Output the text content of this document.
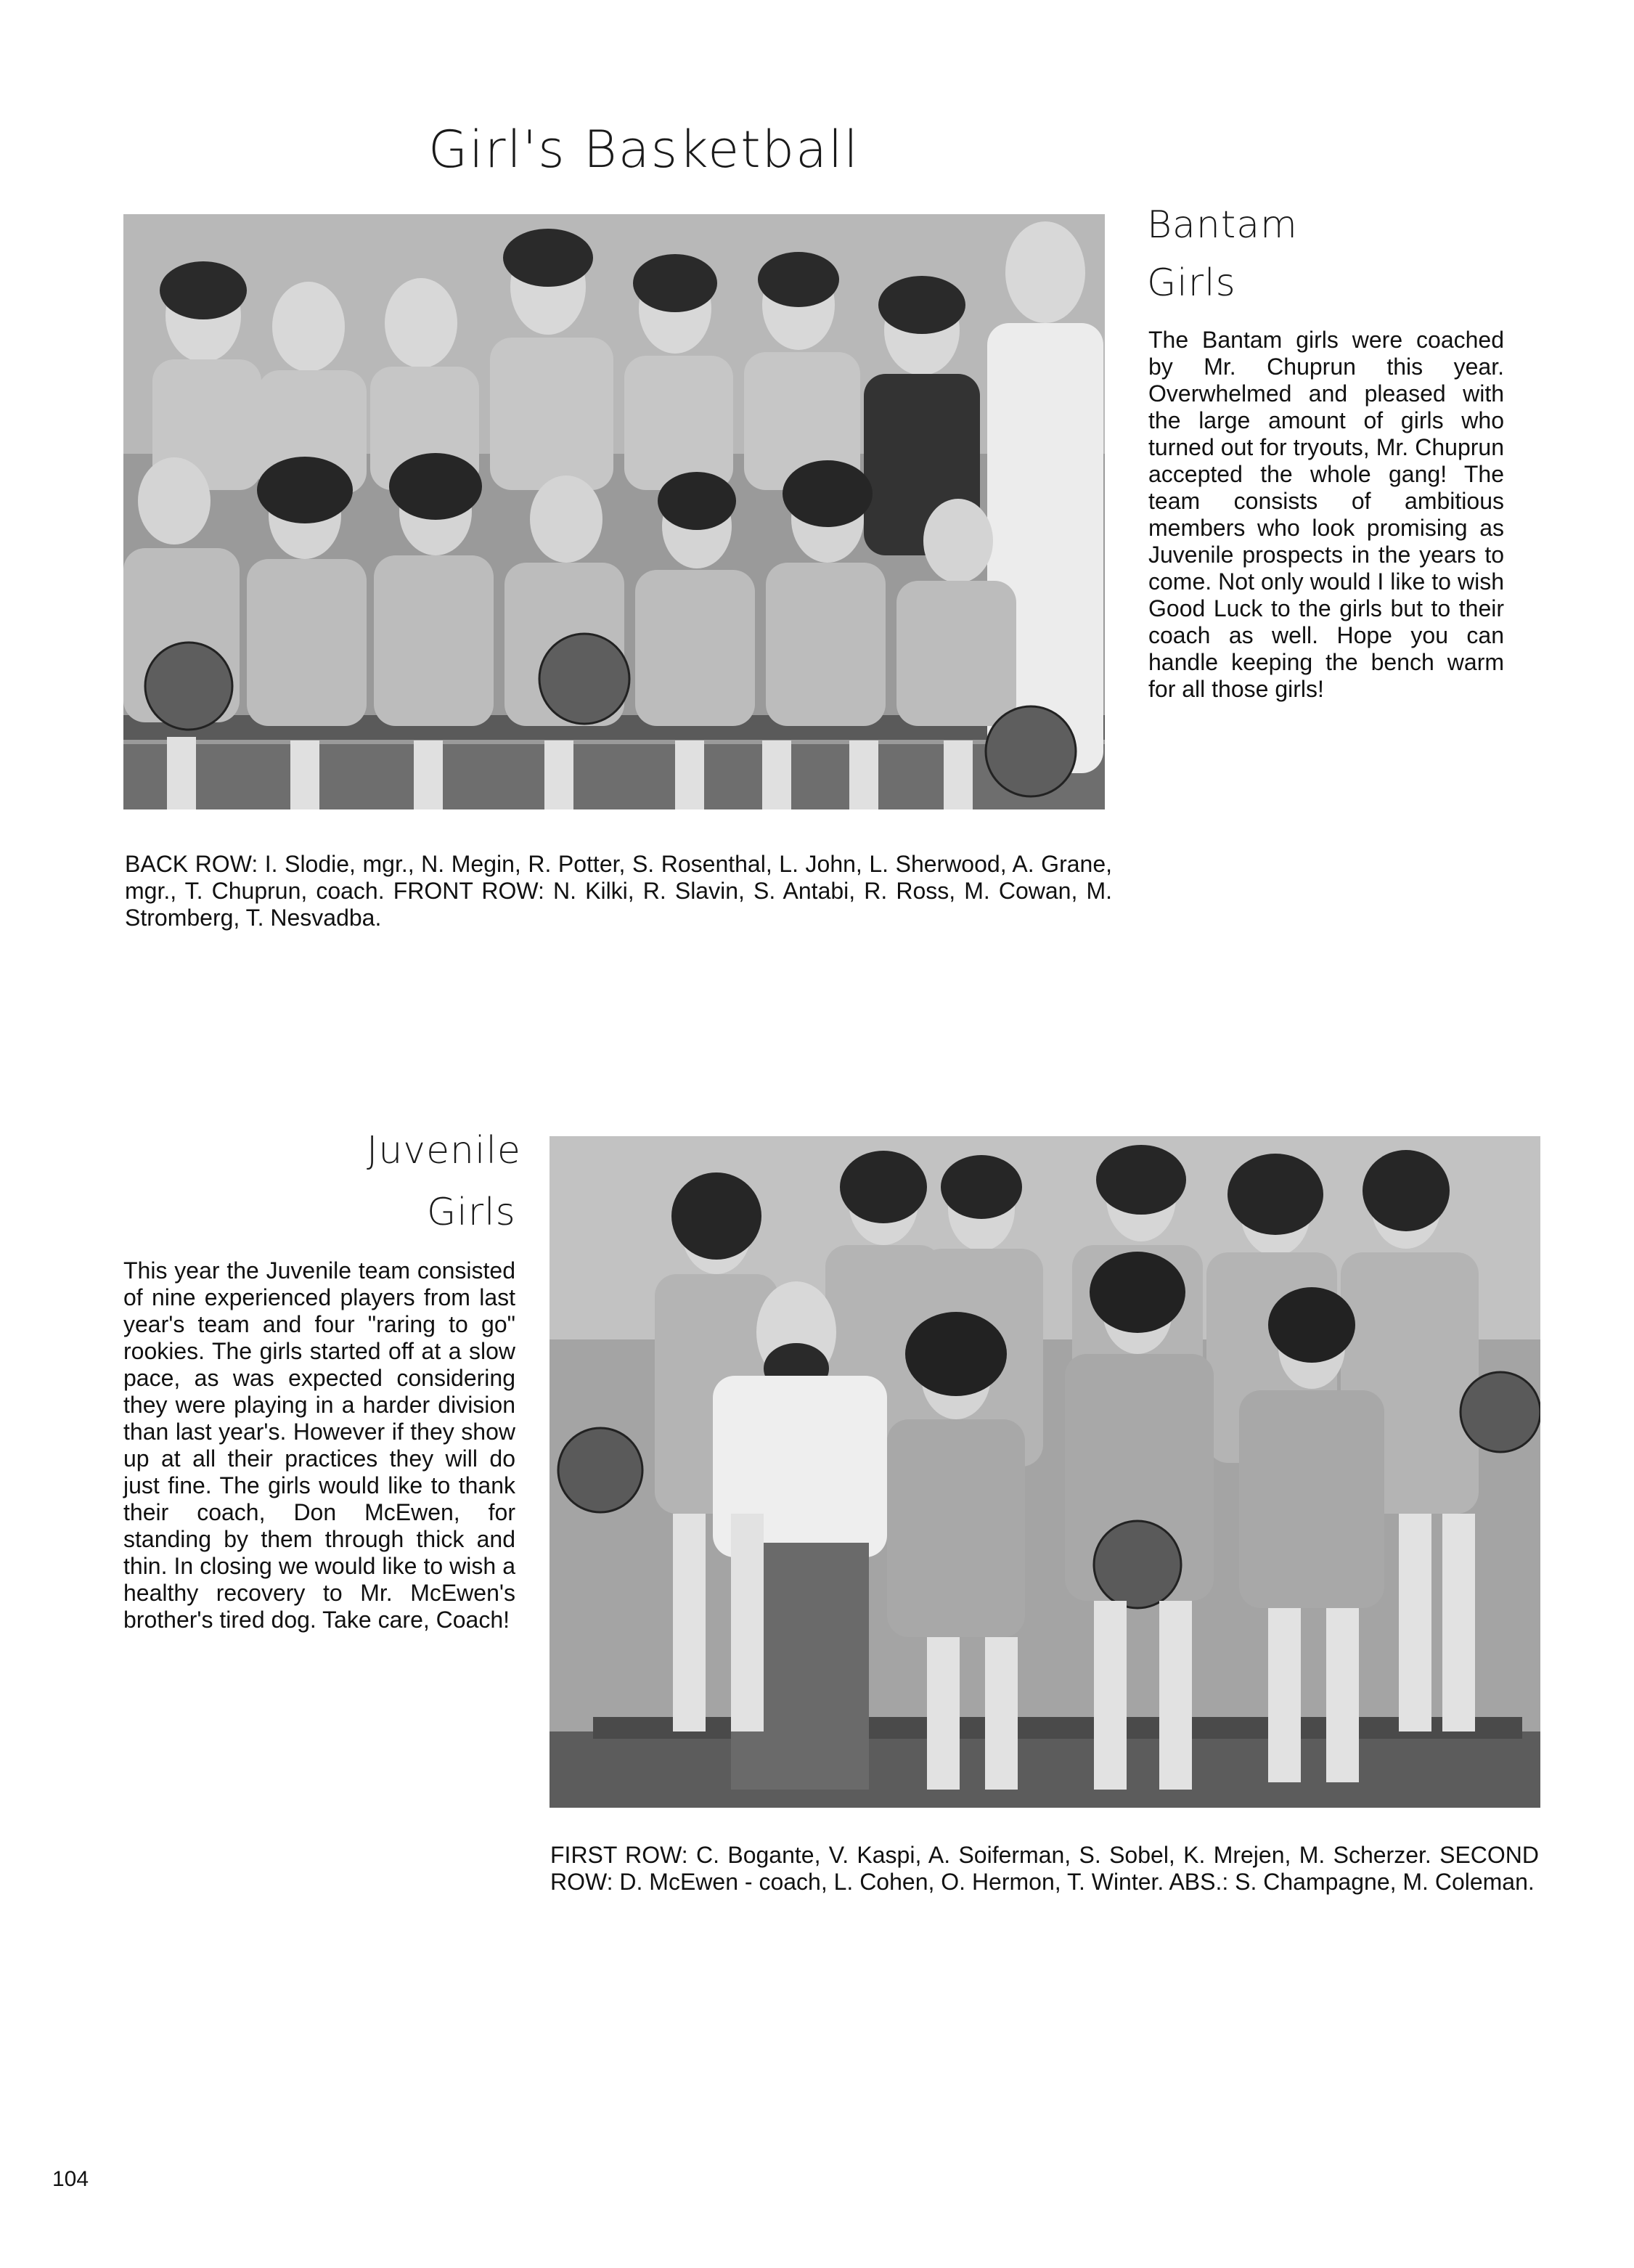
Girl's Basketball
Bantam
Girls
The Bantam girls were coached by Mr. Chuprun this year. Overwhelmed and pleased with the large amount of girls who turned out for tryouts, Mr. Chuprun accepted the whole gang! The team consists of ambitious members who look promising as Juvenile prospects in the years to come. Not only would I like to wish Good Luck to the girls but to their coach as well. Hope you can handle keeping the bench warm for all those girls!
BACK ROW: I. Slodie, mgr., N. Megin, R. Potter, S. Rosenthal, L. John, L. Sherwood, A. Grane, mgr., T. Chuprun, coach. FRONT ROW: N. Kilki, R. Slavin, S. Antabi, R. Ross, M. Cowan, M. Stromberg, T. Nesvadba.
Juvenile
Girls
This year the Juvenile team consisted of nine experienced players from last year's team and four "raring to go" rookies. The girls started off at a slow pace, as was expected considering they were playing in a harder division than last year's. However if they show up at all their practices they will do just fine. The girls would like to thank their coach, Don McEwen, for standing by them through thick and thin. In closing we would like to wish a healthy recovery to Mr. McEwen's brother's tired dog. Take care, Coach!
FIRST ROW: C. Bogante, V. Kaspi, A. Soiferman, S. Sobel, K. Mrejen, M. Scherzer. SECOND ROW: D. McEwen - coach, L. Cohen, O. Hermon, T. Winter. ABS.: S. Champagne, M. Coleman.
104
